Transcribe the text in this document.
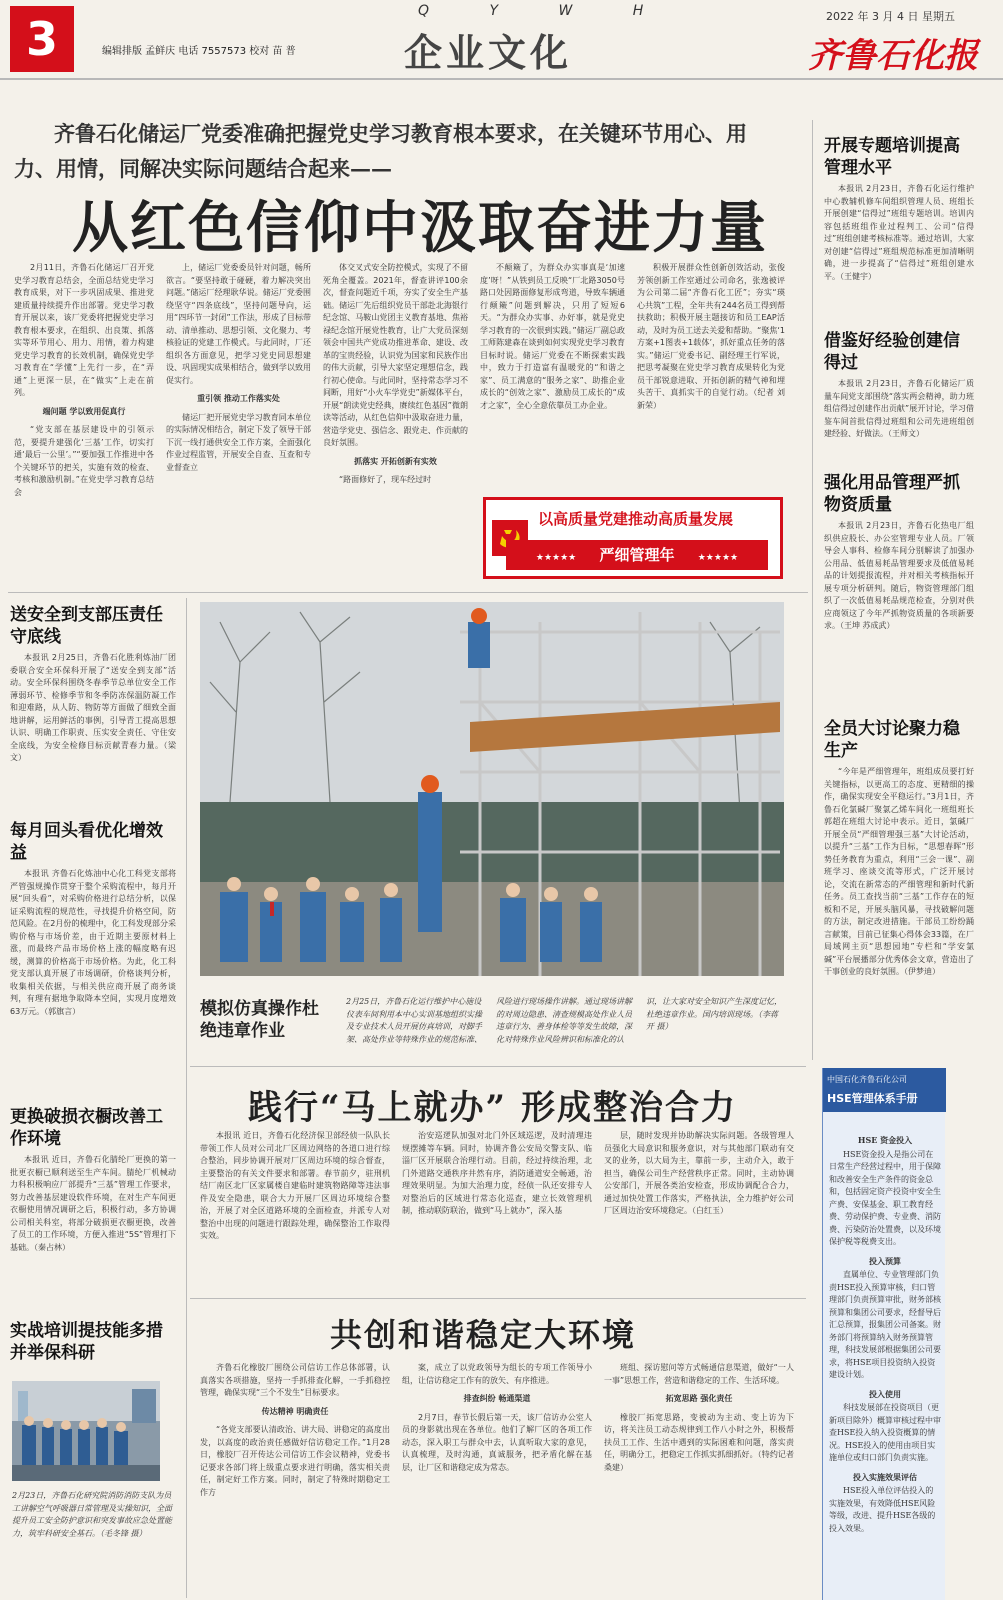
3	编辑排版 孟鲜庆 电话 7557573 校对 苗 普
Q Y W H
企业文化
2022 年 3 月 4 日 星期五
齐鲁石化报
齐鲁石化储运厂党委准确把握党史学习教育根本要求，在关键环节用心、用力、用情，同解决实际问题结合起来——
从红色信仰中汲取奋进力量

2月11日，齐鲁石化储运厂召开党史学习教育总结会，全面总结党史学习教育成果，对下一步巩固成果、推进党建质量持续提升作出部署。党史学习教育开展以来，该厂党委将把握党史学习教育根本要求，在组织、出良策、抓落实等环节用心、用力、用情，着力构建党史学习教育的长效机制，确保党史学习教育在“学懂”上先行一步，在“弄通”上更深一层，在“做实”上走在前列。

端问题 学以致用促真行

“党支部在基层建设中的引领示范，要提升建强化‘三基’工作，切实打通‘最后一公里’。”“要加强工作推进中各个关键环节的把关，实施有效的检查、考核和激励机制。”在党史学习教育总结会

上，储运厂党委委员针对问题，畅所欲言。“要坚持敢于碰硬，着力解决突出问题。”储运厂经理耿华说。储运厂党委围绕坚守“四条底线”，坚持问题导向，运用“四环节一封闭”工作法，形成了目标带动、清单推动、思想引领、文化聚力、考核验证的党建工作模式。与此同时，厂还组织各方面意见，把学习党史同思想建设、巩固现实成果相结合，做到学以致用促实行。

重引领 推动工作落实处

储运厂把开展党史学习教育同本单位的实际情况相结合，制定下发了领导干部下沉一线打通供安全工作方案，全面强化作业过程监管，开展安全自查、互查和专业督查立

体交叉式安全防控模式，实现了不留死角全覆盖。2021年，督查讲评100余次，督查问题近千项，夯实了安全生产基础。储运厂先后组织党员干部赴北海银行纪念馆、马鞍山党团主义教育基地、焦裕禄纪念馆开展党性教育，让广大党员深刻领会中国共产党成功推进革命、建设、改革的宝贵经验，认识党为国家和民族作出的伟大贡献，引导大家坚定理想信念，践行初心使命。与此同时，坚持常态学习不间断，用好“小火车学党史”新媒体平台，开展“朗读党史经典，赓续红色基因”微朗读等活动，从红色信仰中汲取奋进力量，营造学党史、强信念、跟党走、作贡献的良好氛围。

抓落实 开拓创新有实效

“路面修好了，现车经过时

不颠簸了，为群众办实事真是‘加速度’呀！”从铁到员工反映“厂北路3050号路口处因路面修复形成弯道，导致车辆通行颠簸”问题到解决，只用了短短6天。“为群众办实事、办好事，就是党史学习教育的一次很到实践。”储运厂副总政工师陈建森在谈到如何实现党史学习教育目标时说。储运厂党委在不断探索实践中，致力于打造富有温暖党的“和谐之家”、员工满意的“服务之家”、助推企业成长的“创效之家”、激励员工成长的“成才之家”，全心全意依靠员工办企业。

积极开展群众性创新创效活动，张俊芳领创新工作室通过公司命名，张逸被评为公司第二届“齐鲁石化工匠”；夯实“瑛心共筑”工程，全年共有244名员工得到帮扶救助；积极开展主题接访和员工EAP活动，及时为员工送去关爱和帮助。“聚焦‘1方案+1图表+1载体’，抓好重点任务的落实。”储运厂党委书记、副经理王行军说，把思考凝聚在党史学习教育成果转化为党员干部锐意进取、开拓创新的精气神和埋头苦干、真抓实干的自觉行动。（纪者 刘新荣）

以高质量党建推动高质量发展
★★★★★ 严细管理年	★★★★★
开展专题培训提高管理水平

本报讯 2月23日，齐鲁石化运行维护中心教辅机修车间组织管理人员、班组长开展创建“信得过”班组专题培训。培训内容包括班组作业过程判工、公司“信得过”班组创建考核标准等。通过培训，大家对创建“信得过”班组规范标准更加清晰明确，进一步提高了“信得过”班组创建水平。（王健宇）

借鉴好经验创建信得过

本报讯 2月23日，齐鲁石化储运厂质量车间党支部围绕“落实两会精神，助力班组信得过创建作出贡献”展开讨论，学习借鉴车间首批信得过班组和公司先进班组创建经验、好做法。（王师文）

强化用品管理严抓物资质量

本报讯 2月23日，齐鲁石化热电厂组织供应股长、办公室管理专业人员。厂领导会人事科、检修车间分别解读了加强办公用品、低值易耗品管理要求及低值易耗品的计划提报流程，并对相关考核指标开展专项分析研判。随后，物资管理部门组织了一次低值易耗品规范检查，分别对供应商领这了今年严抓物资质量的各项新要求。（王坤 苏成武）

全员大讨论聚力稳生产

“今年是严细管理年，班组成员要打好关键指标，以更高工的态度、更精细的操作，确保实现安全平稳运行。”3月1日，齐鲁石化氯碱厂聚氯乙烯车间化一班组班长郭超在班组大讨论中表示。近日，氯碱厂开展全员“严细管理强三基”大讨论活动，以提升“三基”工作为目标，“思想春晖”形势任务教育为重点，利用“三会一课”、副班学习、座谈交流等形式，广泛开展讨论，交流在新常态的严细管理和新时代新任务。员工查找当前“三基”工作存在的短板和不足，开展头脑风暴，寻找破解问题的方法，制定改进措施。干部员工纷纷踊言献策，目前已征集心得体会33篇，在厂局域网主页“思想园地”专栏和“学安氯碱”平台展播部分优秀体会文章，营造出了干事创业的良好氛围。（伊梦迪）

送安全到支部压责任守底线

本报讯 2月25日，齐鲁石化胜利炼油厂团委联合安全环保科开展了“送安全到支部”活动。安全环保科围绕冬春季节总单位安全工作薄弱环节、检修季节和冬季防冻保温防凝工作和迎难路，从人防、物防等方面做了细致全面地讲解，运用鲜活的事例，引导青工提高思想认识、明确工作职责、压实安全责任、守住安全底线，为安全检修目标贡献青春力量。（梁文）

每月回头看优化增效益

本报讯 齐鲁石化炼油中心化工科党支部将严管强规操作贯穿于整个采购流程中，每月开展“回头看”，对采购价格进行总结分析，以保证采购流程的规范性，寻找提升价格空间，防范风险。在2月份的梳理中，化工科发现部分采购价格与市场价差，由于近期主要原材料上涨，而最终产品市场价格上涨的幅度略有迟缓，测算的价格高于市场价格。为此，化工科党支部认真开展了市场调研，价格谈判分析，收集相关依据，与相关供应商开展了商务谈判，有理有据地争取降本空间，实现月度增效63万元。（郭旗言）

更换破损衣橱改善工作环境

本报讯 近日，齐鲁石化腈纶厂更换的第一批更衣橱已顺利送至生产车间。腈纶厂机械动力科积极响应厂部提升“三基”管理工作要求，努力改善基层建设软件环境，在对生产车间更衣橱使用情况调研之后，积极行动，多方协调公司相关科室，将部分破损更衣橱更换，改善了员工的工作环境，方便入推进“5S”管理打下基础。（秦占林）

实战培训提技能多措并举保科研
2月23日，齐鲁石化研究院消防消防支队为员工讲解空气呼吸器日常管理及实操知识，全面提升员工安全防护意识和突发事故应急处置能力，筑牢科研安全基石。（毛冬锋 摄）
模拟仿真操作杜绝违章作业
2月25日，齐鲁石化运行维护中心施设仪表车间利用本中心实训基地组织实操及专业技术人员开展仿真培训，对脚手架、高处作业等特殊作业的规范标准、风险进行现场操作讲解。通过现场讲解的对周边隐患、清查规模高处作业人员违章行为、善身体检等等发生故障，深化对特殊作业风险辨识和标准化的认识，让大家对安全知识产生深度记忆，杜绝违章作业。国内培训现场。（李蒋开 摄）
践行“马上就办” 形成整治合力

本报讯 近日，齐鲁石化经济保卫部经侦一队队长带领工作人员对公司北厂区周边网络的各道口进行综合整治，同步协调开展对厂区周边环境的综合督查，主要整治的有关文件要求和部署。春节前夕，驻刑机结厂南区北厂区家属楼自建临时建筑物路障等违法事件及安全隐患，联合大力开展厂区周边环境综合整治，开展了对全区道路环境的全面检查，并派专人对整治中出现的问题进行跟踪处理，确保整治工作取得实效。

治安巡逻队加强对北门外区域巡逻，及时清理违规摆摊等车辆。同时，协调齐鲁公安局交警支队、临淄厂区开展联合治理行动。目前，经过持续治理，北门外道路交通秩序井然有序，消防通道安全畅通，治理效果明显。为加大治理力度，经侦一队还安排专人对整治后的区域进行常态化巡查，建立长效管理机制，推动联防联治，做到“马上就办”，深入基

层，随时发现并协助解决实际问题。各级管理人员强化大局意识和服务意识，对与其他部门联动有交叉的业务，以大局为主，靠前一步，主动介入，敢于担当，确保公司生产经营秩序正常。同时，主动协调公安部门，开展各类治安检查，形成协调配合合力，通过加快处置工作落实，严格执法，全力维护好公司厂区周边治安环境稳定。（白红玉）

共创和谐稳定大环境

齐鲁石化橡胶厂围绕公司信访工作总体部署，认真落实各项措施，坚持一手抓排查化解，一手抓稳控管理，确保实现“三个不发生”目标要求。

传达精神 明确责任

“各党支部要认清政治、讲大局、讲稳定的高度出发，以高度的政治责任感做好信访稳定工作。”1月28日，橡胶厂召开传达公司信访工作会议精神，党委书记要求各部门将上级重点要求进行明确，落实相关责任，制定好工作方案。同时，制定了特殊时期稳定工作方

案，成立了以党政领导为组长的专项工作领导小组，让信访稳定工作有的放矢、有序推进。

排查纠纷 畅通渠道

2月7日，春节长假后第一天，该厂信访办公室人员的身影就出现在各单位。他们了解厂区的各项工作动态，深入职工与群众中去，认真听取大家的意见，认真梳理，及时沟通，真诚服务，把矛盾化解在基层，让厂区和谐稳定成为常态。

班组、探访慰问等方式畅通信息渠道，做好“一人一事”思想工作，营造和谐稳定的工作、生活环境。

拓宽思路 强化责任

橡胶厂拓宽思路，变被动为主动、变上访为下访，将关注员工动态规律到工作八小时之外，积极帮扶员工工作、生活中遇到的实际困难和问题，落实责任，明确分工，把稳定工作抓实抓细抓好。（特约记者 桑建）

中国石化齐鲁石化公司
HSE管理体系手册
HSE 资金投入

HSE资金投入是指公司在日常生产经营过程中，用于保障和改善安全生产条件的资金总和，包括固定资产投资中安全生产费、安保基金、职工教育经费、劳动保护费、专业费、消防费、污染防治处置费，以及环境保护税等税费支出。

投入预算

直属单位、专业管理部门负责HSE投入预算审核，归口管理部门负责预算审批，财务部核预算和集团公司要求，经督导后汇总预算，报集团公司备案。财务部门将预算纳入财务预算管理，科技发展部根据集团公司要求，将HSE项目投资纳入投资建设计划。

投入使用

科技发展部在投资项目（更新项目除外）概算审核过程中审查HSE投入纳入投资概算的情况。HSE投入的使用由项目实施单位或归口部门负责实施。

投入实施效果评估

HSE投入单位评估投入的实施效果，有效降低HSE风险等级，改进、提升HSE各级的投入效果。
